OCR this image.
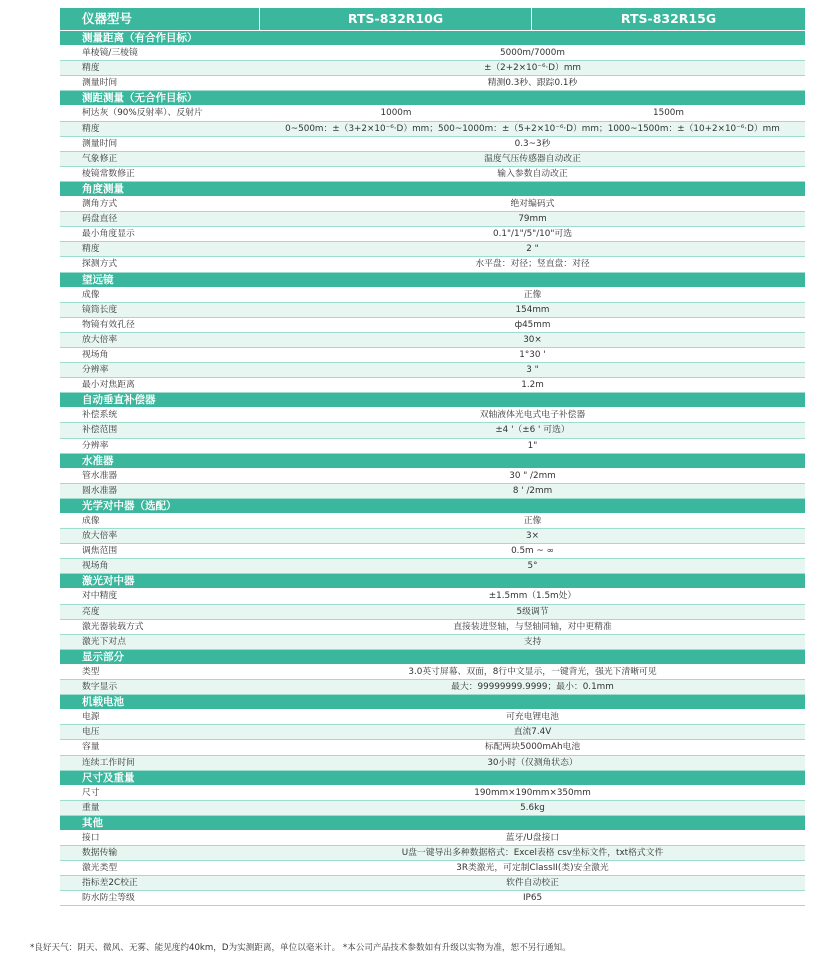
仪器型号	RTS-832R10G	RTS-832R15G
测量距离（有合作目标）
单棱镜/三棱镜	5000m/7000m
精度	±（2+2×10⁻⁶·D）mm
测量时间	精测0.3秒、跟踪0.1秒
测距测量（无合作目标）
柯达灰（90%反射率）、反射片	1000m	1500m
精度	0~500m：±（3+2×10⁻⁶·D）mm；500~1000m：±（5+2×10⁻⁶·D）mm；1000~1500m：±（10+2×10⁻⁶·D）mm
测量时间	0.3~3秒
气象修正	温度气压传感器自动改正
棱镜常数修正	输入参数自动改正
角度测量
测角方式	绝对编码式
码盘直径	79mm
最小角度显示	0.1"/1"/5"/10"可选
精度	2 "
探测方式	水平盘：对径；竖直盘：对径
望远镜
成像	正像
镜筒长度	154mm
物镜有效孔径	ф45mm
放大倍率	30×
视场角	1°30 '
分辨率	3 "
最小对焦距离	1.2m
自动垂直补偿器
补偿系统	双轴液体光电式电子补偿器
补偿范围	±4 '（±6 ' 可选）
分辨率	1"
水准器
管水准器	30 " /2mm
圆水准器	8 ' /2mm
光学对中器（选配）
成像	正像
放大倍率	3×
调焦范围	0.5m ~ ∞
视场角	5°
激光对中器
对中精度	±1.5mm（1.5m处）
亮度	5级调节
激光器装载方式	直接装进竖轴，与竖轴同轴，对中更精准
激光下对点	支持
显示部分
类型	3.0英寸屏幕、双面，8行中文显示，一键背光，强光下清晰可见
数字显示	最大：99999999.9999；最小：0.1mm
机载电池
电源	可充电锂电池
电压	直流7.4V
容量	标配两块5000mAh电池
连续工作时间	30小时（仅测角状态）
尺寸及重量
尺寸	190mm×190mm×350mm
重量	5.6kg
其他
接口	蓝牙/U盘接口
数据传输	U盘一键导出多种数据格式：Excel表格 csv坐标文件，txt格式文件
激光类型	3R类激光，可定制ClassII(类)安全激光
指标差2C校正	软件自动校正
防水防尘等级	IP65
*良好天气：阴天、微风、无雾、能见度约40km，D为实测距离，单位以毫米计。 *本公司产品技术参数如有升级以实物为准，恕不另行通知。
